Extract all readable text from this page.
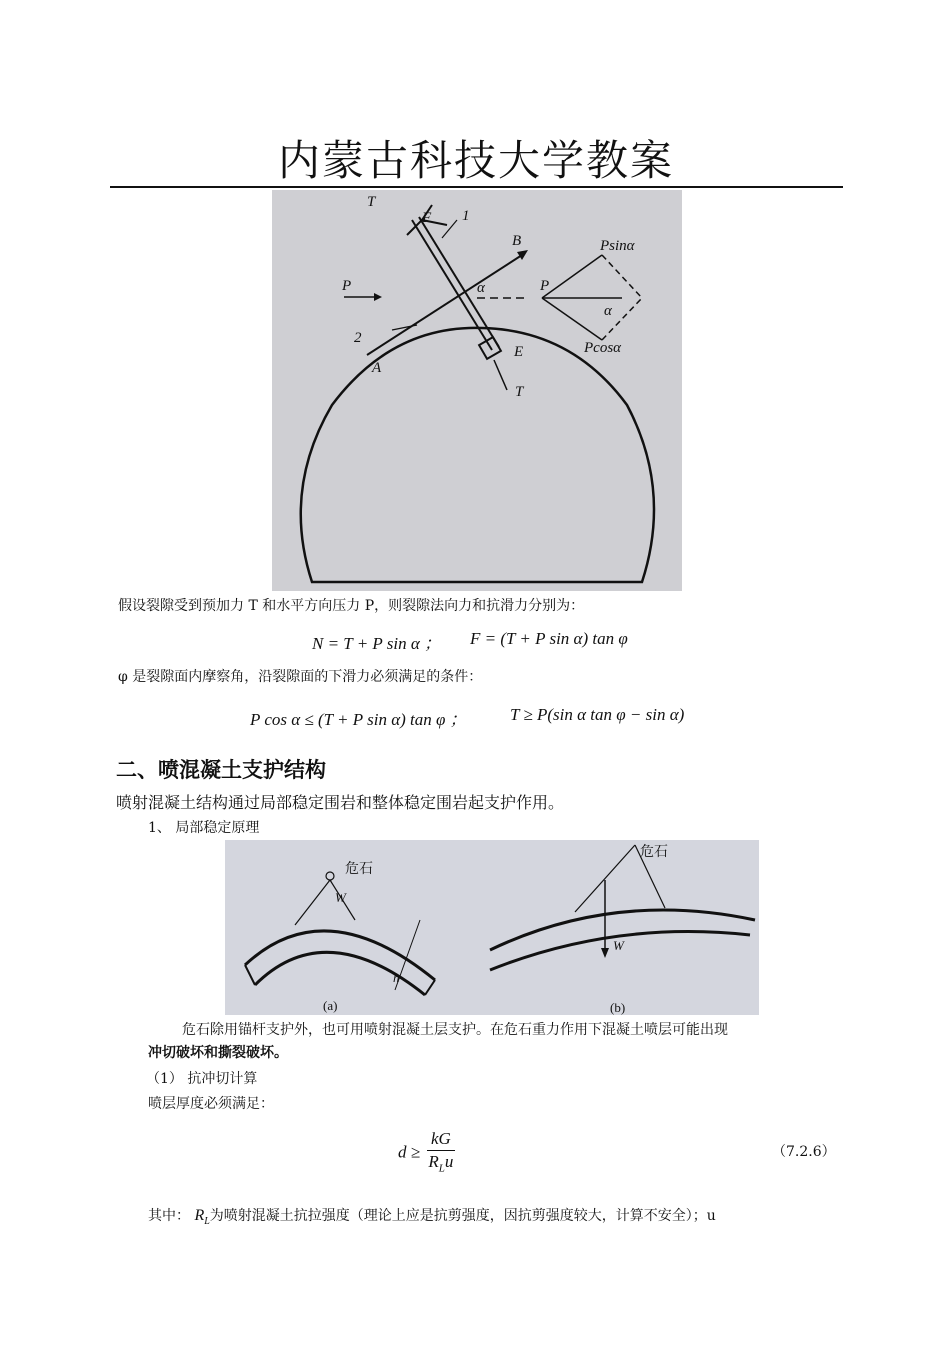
内蒙古科技大学教案
T
F 1
B	Psinα
P	α	P
α
2
E	Pcosα
A
T
假设裂隙受到预加力 T 和水平方向压力 P，则裂隙法向力和抗滑力分别为：
N = T + P sin α ； F = (T + P sin α) tan φ
φ 是裂隙面内摩察角，沿裂隙面的下滑力必须满足的条件：
P cos α ≤ (T + P sin α) tan φ ；	T ≥ P(sin α tan φ − sin α)
二、喷混凝土支护结构
喷射混凝土结构通过局部稳定围岩和整体稳定围岩起支护作用。
1、 局部稳定原理
危石
危石
W
W
h
(a)	(b)
危石除用锚杆支护外，也可用喷射混凝土层支护。在危石重力作用下混凝土喷层可能出现
冲切破坏和撕裂破坏。
（1） 抗冲切计算
喷层厚度必须满足：
$d \ge \frac{kG}{R_Lu}$	（7.2.6）
其中： $R_L$为喷射混凝土抗拉强度（理论上应是抗剪强度，因抗剪强度较大，计算不安全）；u
